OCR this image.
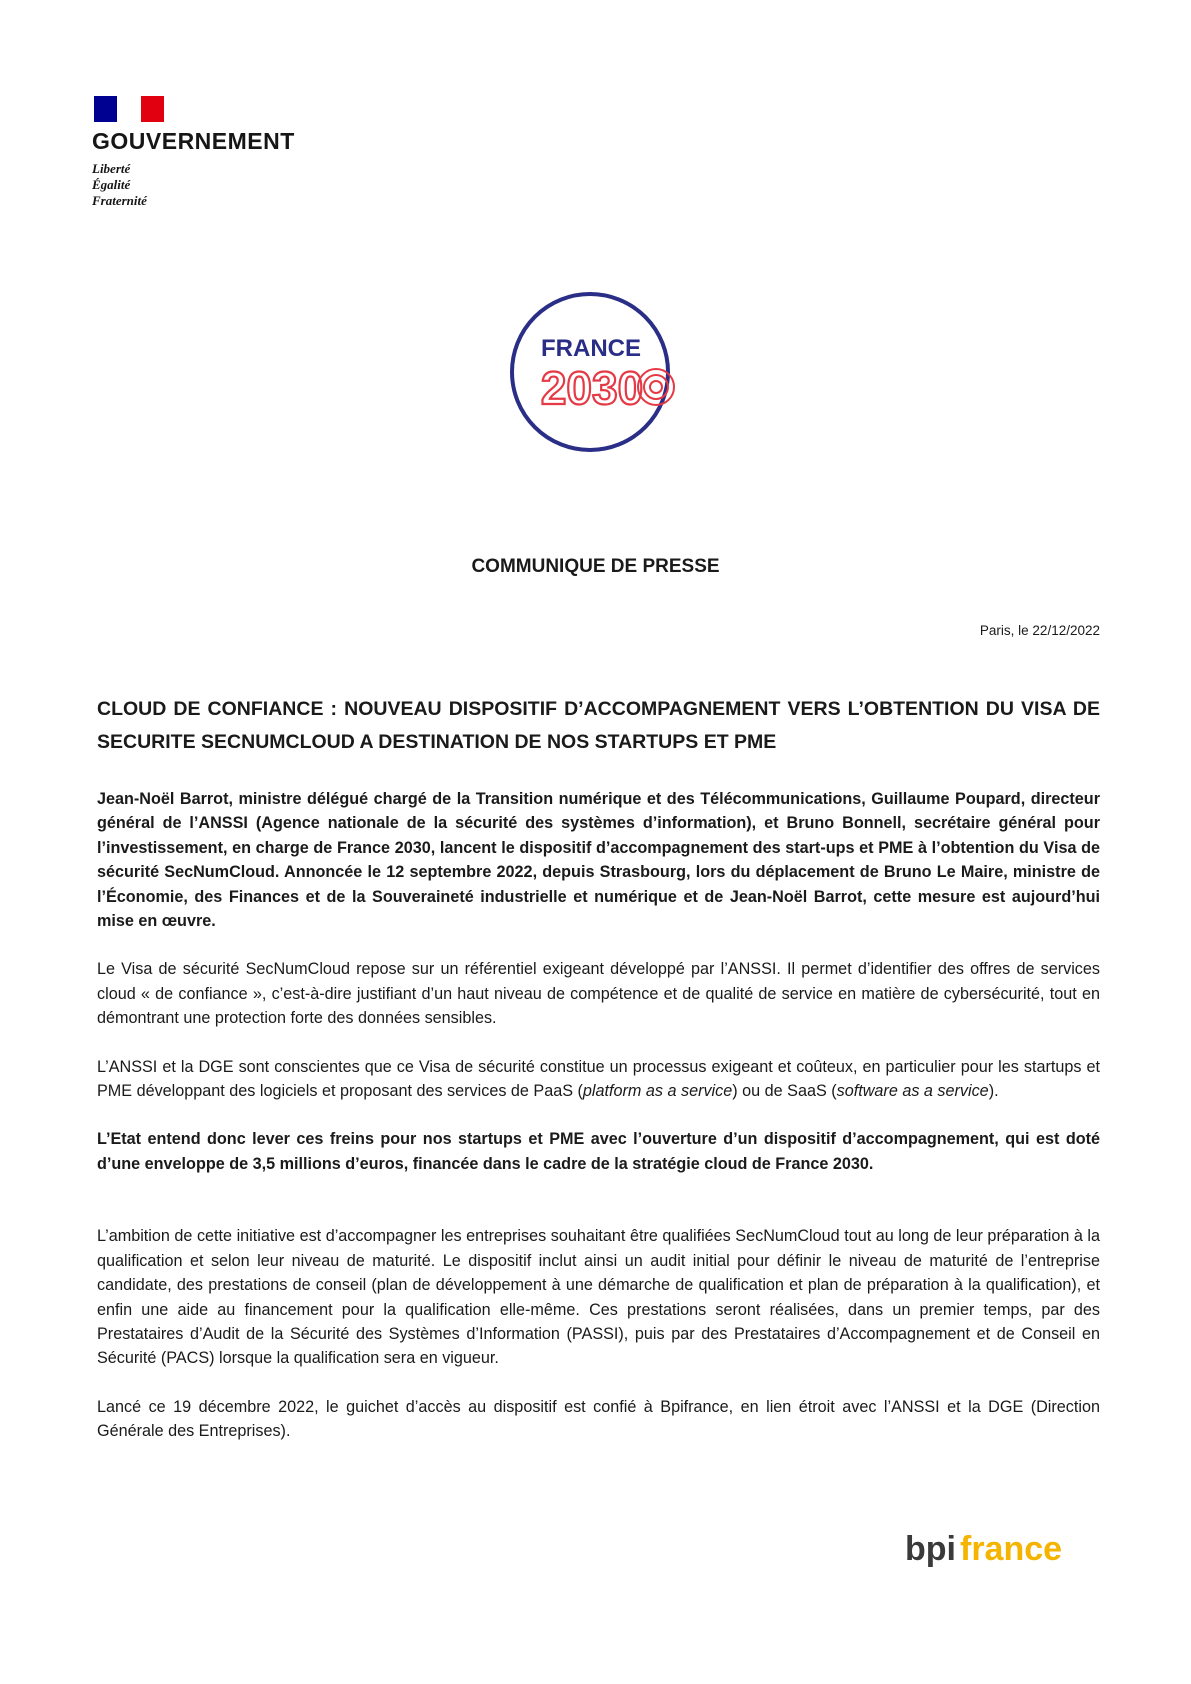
GOUVERNEMENT
Liberté
Égalité
Fraternité
FRANCE
2030
COMMUNIQUE DE PRESSE
Paris, le 22/12/2022
CLOUD DE CONFIANCE : NOUVEAU DISPOSITIF D’ACCOMPAGNEMENT VERS L’OBTENTION DU VISA DE SECURITE SECNUMCLOUD A DESTINATION DE NOS STARTUPS ET PME

Jean-Noël Barrot, ministre délégué chargé de la Transition numérique et des Télécommunications, Guillaume Poupard, directeur général de l’ANSSI (Agence nationale de la sécurité des systèmes d’information), et Bruno Bonnell, secrétaire général pour l’investissement, en charge de France 2030, lancent le dispositif d’accompagnement des start-ups et PME à l’obtention du Visa de sécurité SecNumCloud. Annoncée le 12 septembre 2022, depuis Strasbourg, lors du déplacement de Bruno Le Maire, ministre de l’Économie, des Finances et de la Souveraineté industrielle et numérique et de Jean-Noël Barrot, cette mesure est aujourd’hui mise en œuvre.

Le Visa de sécurité SecNumCloud repose sur un référentiel exigeant développé par l’ANSSI. Il permet d’identifier des offres de services cloud « de confiance », c’est-à-dire justifiant d’un haut niveau de compétence et de qualité de service en matière de cybersécurité, tout en démontrant une protection forte des données sensibles.

L’ANSSI et la DGE sont conscientes que ce Visa de sécurité constitue un processus exigeant et coûteux, en particulier pour les startups et PME développant des logiciels et proposant des services de PaaS (platform as a service) ou de SaaS (software as a service).

L’Etat entend donc lever ces freins pour nos startups et PME avec l’ouverture d’un dispositif d’accompagnement, qui est doté d’une enveloppe de 3,5 millions d’euros, financée dans le cadre de la stratégie cloud de France 2030.

L’ambition de cette initiative est d’accompagner les entreprises souhaitant être qualifiées SecNumCloud tout au long de leur préparation à la qualification et selon leur niveau de maturité. Le dispositif inclut ainsi un audit initial pour définir le niveau de maturité de l’entreprise candidate, des prestations de conseil (plan de développement à une démarche de qualification et plan de préparation à la qualification), et enfin une aide au financement pour la qualification elle-même. Ces prestations seront réalisées, dans un premier temps, par des Prestataires d’Audit de la Sécurité des Systèmes d’Information (PASSI), puis par des Prestataires d’Accompagnement et de Conseil en Sécurité (PACS) lorsque la qualification sera en vigueur.

Lancé ce 19 décembre 2022, le guichet d’accès au dispositif est confié à Bpifrance, en lien étroit avec l’ANSSI et la DGE (Direction Générale des Entreprises).

bpi france
